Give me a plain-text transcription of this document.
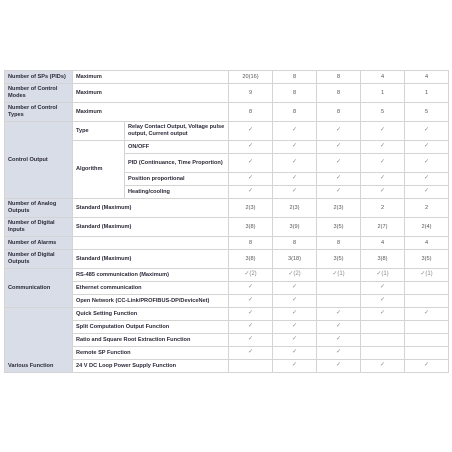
Number of SPs (PIDs)	Maximum		20(16)	8	8	4	4
Number of Control Modes	Maximum		9	8	8	1	1
Number of Control Types	Maximum		8	8	8	5	5
Control Output	Type	Relay Contact Output, Voltage pulse output, Current output	✓	✓	✓	✓	✓
	Algorithm	ON/OFF	✓	✓	✓	✓	✓
		PID (Continuance, Time Proportion)	✓	✓	✓	✓	✓
		Position proportional	✓	✓	✓	✓	✓
		Heating/cooling	✓	✓	✓	✓	✓
Number of Analog Outputs	Standard (Maximum)		2(3)	2(3)	2(3)	2	2
Number of Digital Inputs	Standard (Maximum)		3(8)	3(9)	3(5)	2(7)	2(4)
Number of Alarms			8	8	8	4	4
Number of Digital Outputs	Standard (Maximum)		3(8)	3(18)	3(5)	3(8)	3(5)
Communication	RS-485 communication (Maximum)		✓(2)	✓(2)	✓(1)	✓(1)	✓(1)
	Ethernet communication		✓	✓		✓	
	Open Network (CC-Link/PROFIBUS-DP/DeviceNet)		✓	✓		✓	
Various Function	Quick Setting Function		✓	✓	✓	✓	✓
	Split Computation Output Function		✓	✓	✓		
	Ratio and Square Root Extraction Function		✓	✓	✓		
	Remote SP Function		✓	✓	✓		
	24 V DC Loop Power Supply Function			✓	✓	✓	✓
